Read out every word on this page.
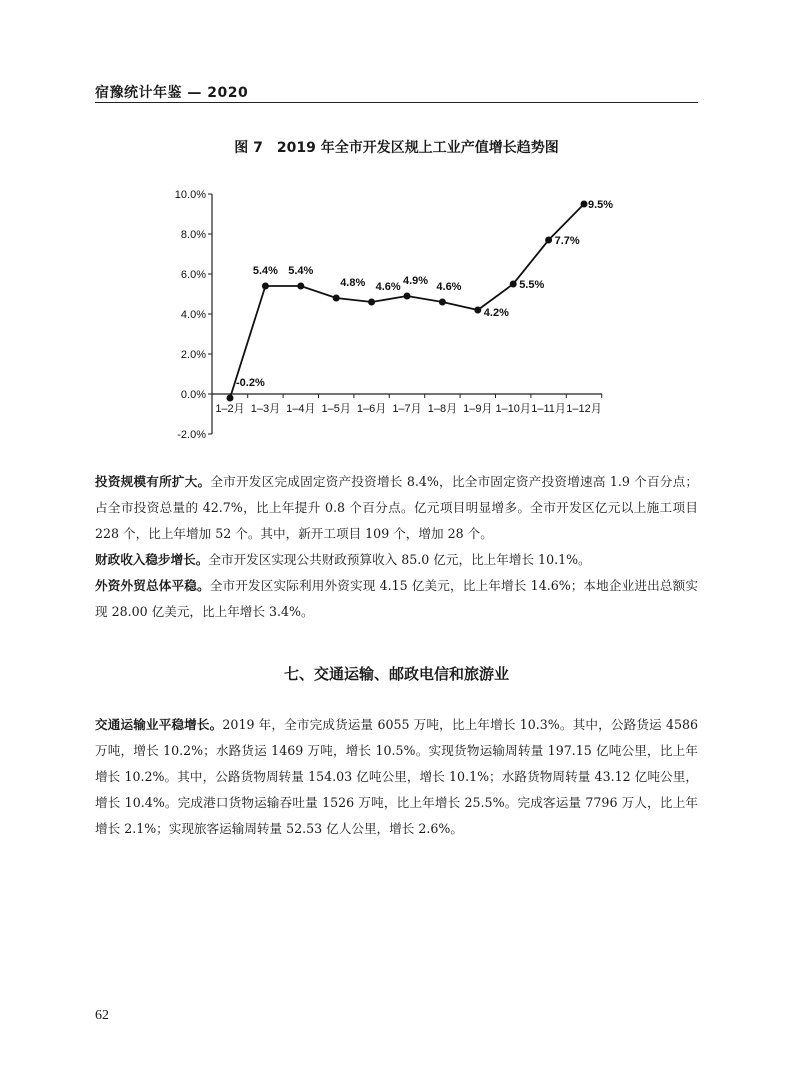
宿豫统计年鉴 — 2020
图 7　2019 年全市开发区规上工业产值增长趋势图
-2.0%
0.0%
2.0%
4.0%
6.0%
8.0%
10.0%
1–2月 1–3月 1–4月 1–5月 1–6月 1–7月 1–8月 1–9月 1–10月 1–11月 1–12月
-0.2%
5.4% 5.4%
4.8% 4.6% 4.9% 4.6%
4.2%
5.5%
7.7%
9.5%
投资规模有所扩大。全市开发区完成固定资产投资增长 8.4%，比全市固定资产投资增速高 1.9 个百分点；占全市投资总量的 42.7%，比上年提升 0.8 个百分点。亿元项目明显增多。全市开发区亿元以上施工项目 228 个，比上年增加 52 个。其中，新开工项目 109 个，增加 28 个。
财政收入稳步增长。全市开发区实现公共财政预算收入 85.0 亿元，比上年增长 10.1%。
外资外贸总体平稳。全市开发区实际利用外资实现 4.15 亿美元，比上年增长 14.6%；本地企业进出总额实现 28.00 亿美元，比上年增长 3.4%。
七、交通运输、邮政电信和旅游业
交通运输业平稳增长。2019 年，全市完成货运量 6055 万吨，比上年增长 10.3%。其中，公路货运 4586 万吨，增长 10.2%；水路货运 1469 万吨，增长 10.5%。实现货物运输周转量 197.15 亿吨公里，比上年增长 10.2%。其中，公路货物周转量 154.03 亿吨公里，增长 10.1%；水路货物周转量 43.12 亿吨公里，增长 10.4%。完成港口货物运输吞吐量 1526 万吨，比上年增长 25.5%。完成客运量 7796 万人，比上年增长 2.1%；实现旅客运输周转量 52.53 亿人公里，增长 2.6%。
62
